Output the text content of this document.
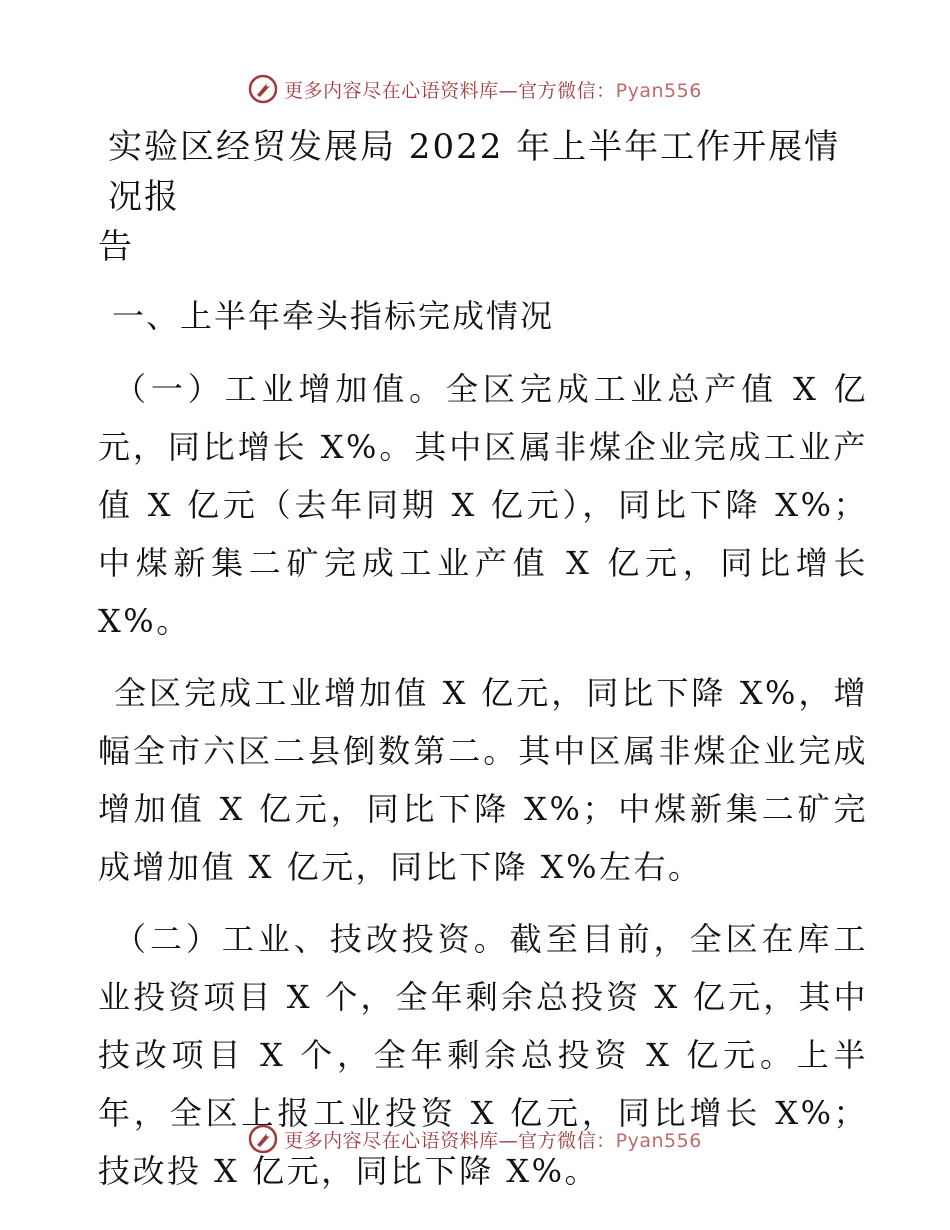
更多内容尽在心语资料库—官方微信：Pyan556
实验区经贸发展局 2022 年上半年工作开展情况报
告
一、上半年牵头指标完成情况

（一）工业增加值。全区完成工业总产值 X 亿元，同比增长 X%。其中区属非煤企业完成工业产值 X 亿元（去年同期 X 亿元），同比下降 X%；中煤新集二矿完成工业产值 X 亿元，同比增长 X%。

全区完成工业增加值 X 亿元，同比下降 X%，增幅全市六区二县倒数第二。其中区属非煤企业完成增加值 X 亿元，同比下降 X%；中煤新集二矿完成增加值 X 亿元，同比下降 X%左右。

（二）工业、技改投资。截至目前，全区在库工业投资项目 X 个，全年剩余总投资 X 亿元，其中技改项目 X 个，全年剩余总投资 X 亿元。上半年，全区上报工业投资 X 亿元，同比增长 X%；技改投 X 亿元，同比下降 X%。

更多内容尽在心语资料库—官方微信：Pyan556
